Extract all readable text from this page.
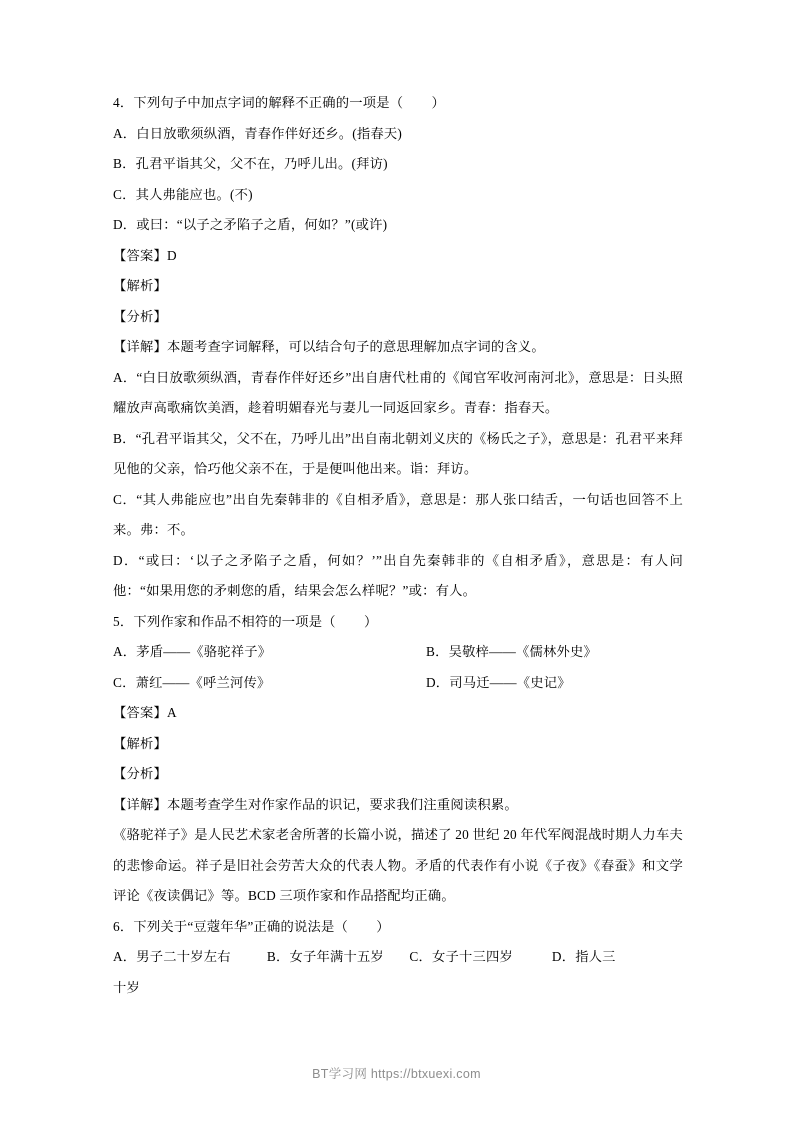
4．下列句子中加点字词的解释不正确的一项是（        ）

A．白日放歌须纵酒，青春作伴好还乡。(指春天)

B．孔君平诣其父，父不在，乃呼儿出。(拜访)

C．其人弗能应也。(不)

D．或曰：“以子之矛陷子之盾，何如？”(或许)

【答案】D

【解析】

【分析】

【详解】本题考查字词解释，可以结合句子的意思理解加点字词的含义。

A．“白日放歌须纵酒，青春作伴好还乡”出自唐代杜甫的《闻官军收河南河北》，意思是：日头照耀放声高歌痛饮美酒，趁着明媚春光与妻儿一同返回家乡。青春：指春天。

B．“孔君平诣其父，父不在，乃呼儿出”出自南北朝刘义庆的《杨氏之子》，意思是：孔君平来拜见他的父亲，恰巧他父亲不在，于是便叫他出来。诣：拜访。

C．“其人弗能应也”出自先秦韩非的《自相矛盾》，意思是：那人张口结舌，一句话也回答不上来。弗：不。

D．“或曰：‘以子之矛陷子之盾，何如？’”出自先秦韩非的《自相矛盾》，意思是：有人问他：“如果用您的矛刺您的盾，结果会怎么样呢？”或：有人。

5．下列作家和作品不相符的一项是（        ）

A．茅盾——《骆驼祥子》	B．吴敬梓——《儒林外史》
C．萧红——《呼兰河传》	D．司马迁——《史记》

【答案】A

【解析】

【分析】

【详解】本题考查学生对作家作品的识记，要求我们注重阅读积累。

《骆驼祥子》是人民艺术家老舍所著的长篇小说，描述了 20 世纪 20 年代军阀混战时期人力车夫的悲惨命运。祥子是旧社会劳苦大众的代表人物。矛盾的代表作有小说《子夜》《春蚕》和文学评论《夜读偶记》等。BCD 三项作家和作品搭配均正确。

6．下列关于“豆蔻年华”正确的说法是（        ）

A．男子二十岁左右	B．女子年满十五岁	C．女子十三四岁	D．指人三

十岁

BT学习网 https://btxuexi.com
